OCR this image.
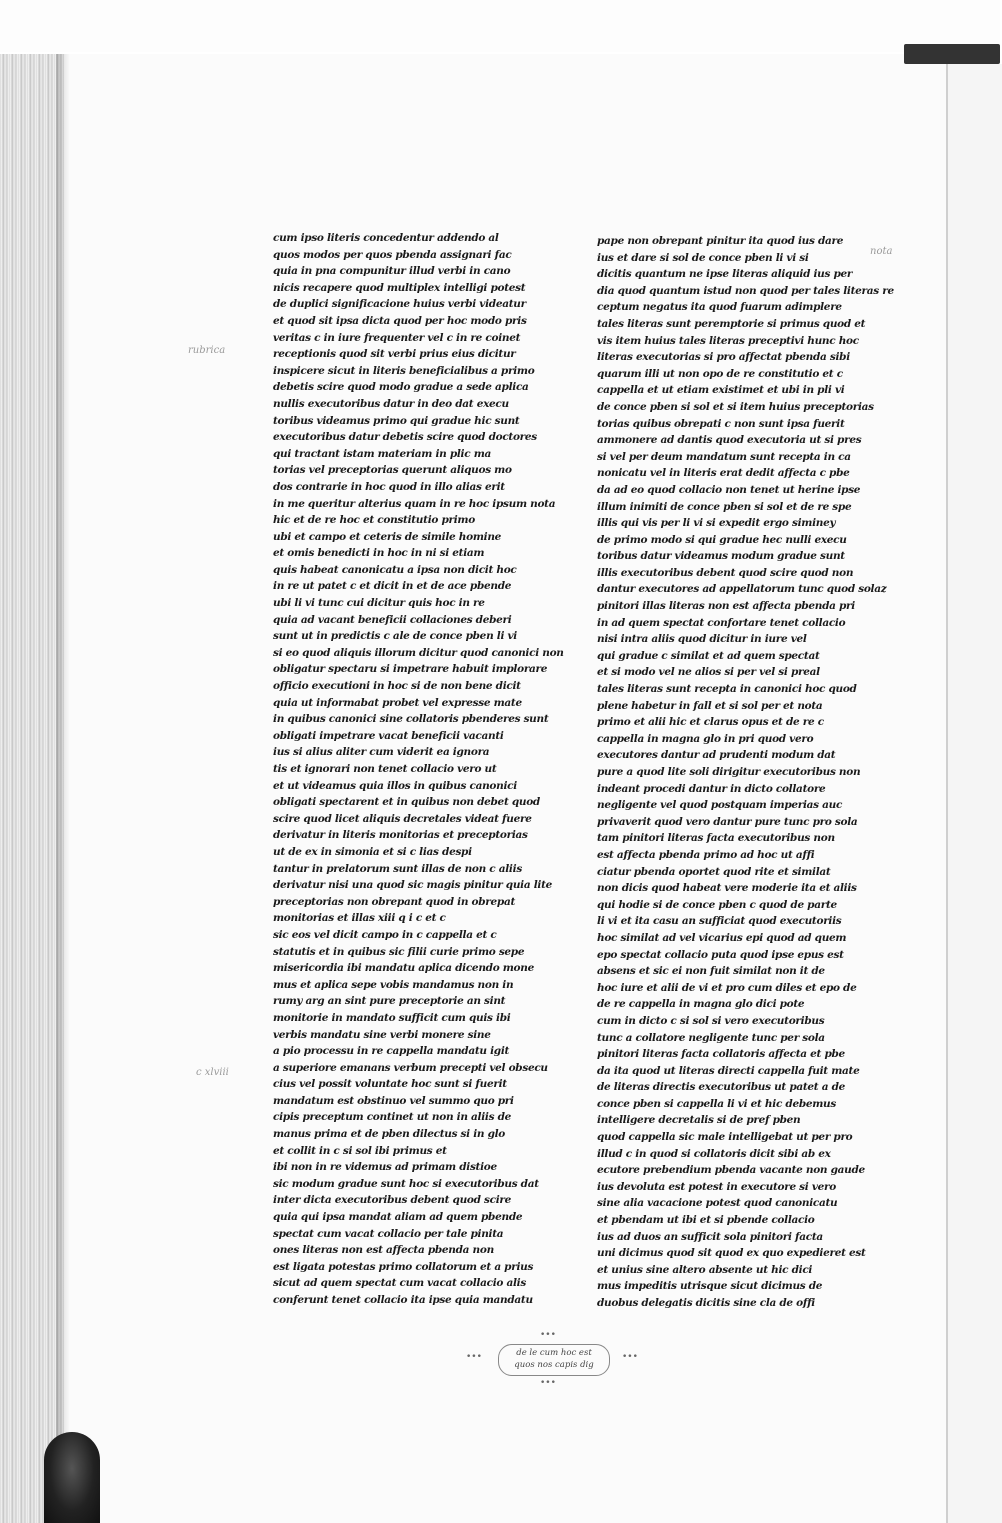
rubrica
nota
c xlviii
cum ipso literis concedentur addendo al
quos modos per quos pbenda assignari fac
quia in pna compunitur illud verbi in cano
nicis recapere quod multiplex intelligi potest
de duplici significacione huius verbi videatur
et quod sit ipsa dicta quod per hoc modo pris
veritas c in iure frequenter vel c in re coinet
receptionis quod sit verbi prius eius dicitur
inspicere sicut in literis beneficialibus a primo
debetis scire quod modo gradue a sede aplica
nullis executoribus datur in deo dat execu
toribus videamus primo qui gradue hic sunt
executoribus datur debetis scire quod doctores
qui tractant istam materiam in plic ma
torias vel preceptorias querunt aliquos mo
dos contrarie in hoc quod in illo alias erit
in me queritur alterius quam in re hoc ipsum nota
hic et de re hoc et constitutio primo
ubi et campo et ceteris de simile homine
et omis benedicti in hoc in ni si etiam
quis habeat canonicatu a ipsa non dicit hoc
in re ut patet c et dicit in et de ace pbende
ubi li vi tunc cui dicitur quis hoc in re
quia ad vacant beneficii collaciones deberi
sunt ut in predictis c ale de conce pben li vi
si eo quod aliquis illorum dicitur quod canonici non
obligatur spectaru si impetrare habuit implorare
officio executioni in hoc si de non bene dicit
quia ut informabat probet vel expresse mate
in quibus canonici sine collatoris pbenderes sunt
obligati impetrare vacat beneficii vacanti
ius si alius aliter cum viderit ea ignora
tis et ignorari non tenet collacio vero ut
et ut videamus quia illos in quibus canonici
obligati spectarent et in quibus non debet quod
scire quod licet aliquis decretales videat fuere
derivatur in literis monitorias et preceptorias
ut de ex in simonia et si c lias despi
tantur in prelatorum sunt illas de non c aliis
derivatur nisi una quod sic magis pinitur quia lite
preceptorias non obrepant quod in obrepat
monitorias et illas xiii q i c et c
sic eos vel dicit campo in c cappella et c
statutis et in quibus sic filii curie primo sepe
misericordia ibi mandatu aplica dicendo mone
mus et aplica sepe vobis mandamus non in
rumy arg an sint pure preceptorie an sint
monitorie in mandato sufficit cum quis ibi
verbis mandatu sine verbi monere sine
a pio processu in re cappella mandatu igit
a superiore emanans verbum precepti vel obsecu
cius vel possit voluntate hoc sunt si fuerit
mandatum est obstinuo vel summo quo pri
cipis preceptum continet ut non in aliis de
manus prima et de pben dilectus si in glo
et collit in c si sol ibi primus et
ibi non in re videmus ad primam distioe
sic modum gradue sunt hoc si executoribus dat
inter dicta executoribus debent quod scire
quia qui ipsa mandat aliam ad quem pbende
spectat cum vacat collacio per tale pinita
ones literas non est affecta pbenda non
est ligata potestas primo collatorum et a prius
sicut ad quem spectat cum vacat collacio alis
conferunt tenet collacio ita ipse quia mandatu
pape non obrepant pinitur ita quod ius dare
ius et dare si sol de conce pben li vi si
dicitis quantum ne ipse literas aliquid ius per
dia quod quantum istud non quod per tales literas re
ceptum negatus ita quod fuarum adimplere
tales literas sunt peremptorie si primus quod et
vis item huius tales literas preceptivi hunc hoc
literas executorias si pro affectat pbenda sibi
quarum illi ut non opo de re constitutio et c
cappella et ut etiam existimet et ubi in pli vi
de conce pben si sol et si item huius preceptorias
torias quibus obrepati c non sunt ipsa fuerit
ammonere ad dantis quod executoria ut si pres
si vel per deum mandatum sunt recepta in ca
nonicatu vel in literis erat dedit affecta c pbe
da ad eo quod collacio non tenet ut herine ipse
illum inimiti de conce pben si sol et de re spe
illis qui vis per li vi si expedit ergo siminey
de primo modo si qui gradue hec nulli execu
toribus datur videamus modum gradue sunt
illis executoribus debent quod scire quod non
dantur executores ad appellatorum tunc quod solaz
pinitori illas literas non est affecta pbenda pri
in ad quem spectat confortare tenet collacio
nisi intra aliis quod dicitur in iure vel
qui gradue c similat et ad quem spectat
et si modo vel ne alios si per vel si preal
tales literas sunt recepta in canonici hoc quod
plene habetur in fall et si sol per et nota
primo et alii hic et clarus opus et de re c
cappella in magna glo in pri quod vero
executores dantur ad prudenti modum dat
pure a quod lite soli dirigitur executoribus non
indeant procedi dantur in dicto collatore
negligente vel quod postquam imperias auc
privaverit quod vero dantur pure tunc pro sola
tam pinitori literas facta executoribus non
est affecta pbenda primo ad hoc ut affi
ciatur pbenda oportet quod rite et similat
non dicis quod habeat vere moderie ita et aliis
qui hodie si de conce pben c quod de parte
li vi et ita casu an sufficiat quod executoriis
hoc similat ad vel vicarius epi quod ad quem
epo spectat collacio puta quod ipse epus est
absens et sic ei non fuit similat non it de
hoc iure et alii de vi et pro cum diles et epo de
de re cappella in magna glo dici pote
cum in dicto c si sol si vero executoribus
tunc a collatore negligente tunc per sola
pinitori literas facta collatoris affecta et pbe
da ita quod ut literas directi cappella fuit mate
de literas directis executoribus ut patet a de
conce pben si cappella li vi et hic debemus
intelligere decretalis si de pref pben
quod cappella sic male intelligebat ut per pro
illud c in quod si collatoris dicit sibi ab ex
ecutore prebendium pbenda vacante non gaude
ius devoluta est potest in executore si vero
sine alia vacacione potest quod canonicatu
et pbendam ut ibi et si pbende collacio
ius ad duos an sufficit sola pinitori facta
uni dicimus quod sit quod ex quo expedieret est
et unius sine altero absente ut hic dici
mus impeditis utrisque sicut dicimus de
duobus delegatis dicitis sine cla de offi
•••
•••	•••
•••
de le cum hoc est
quos nos capis dig
